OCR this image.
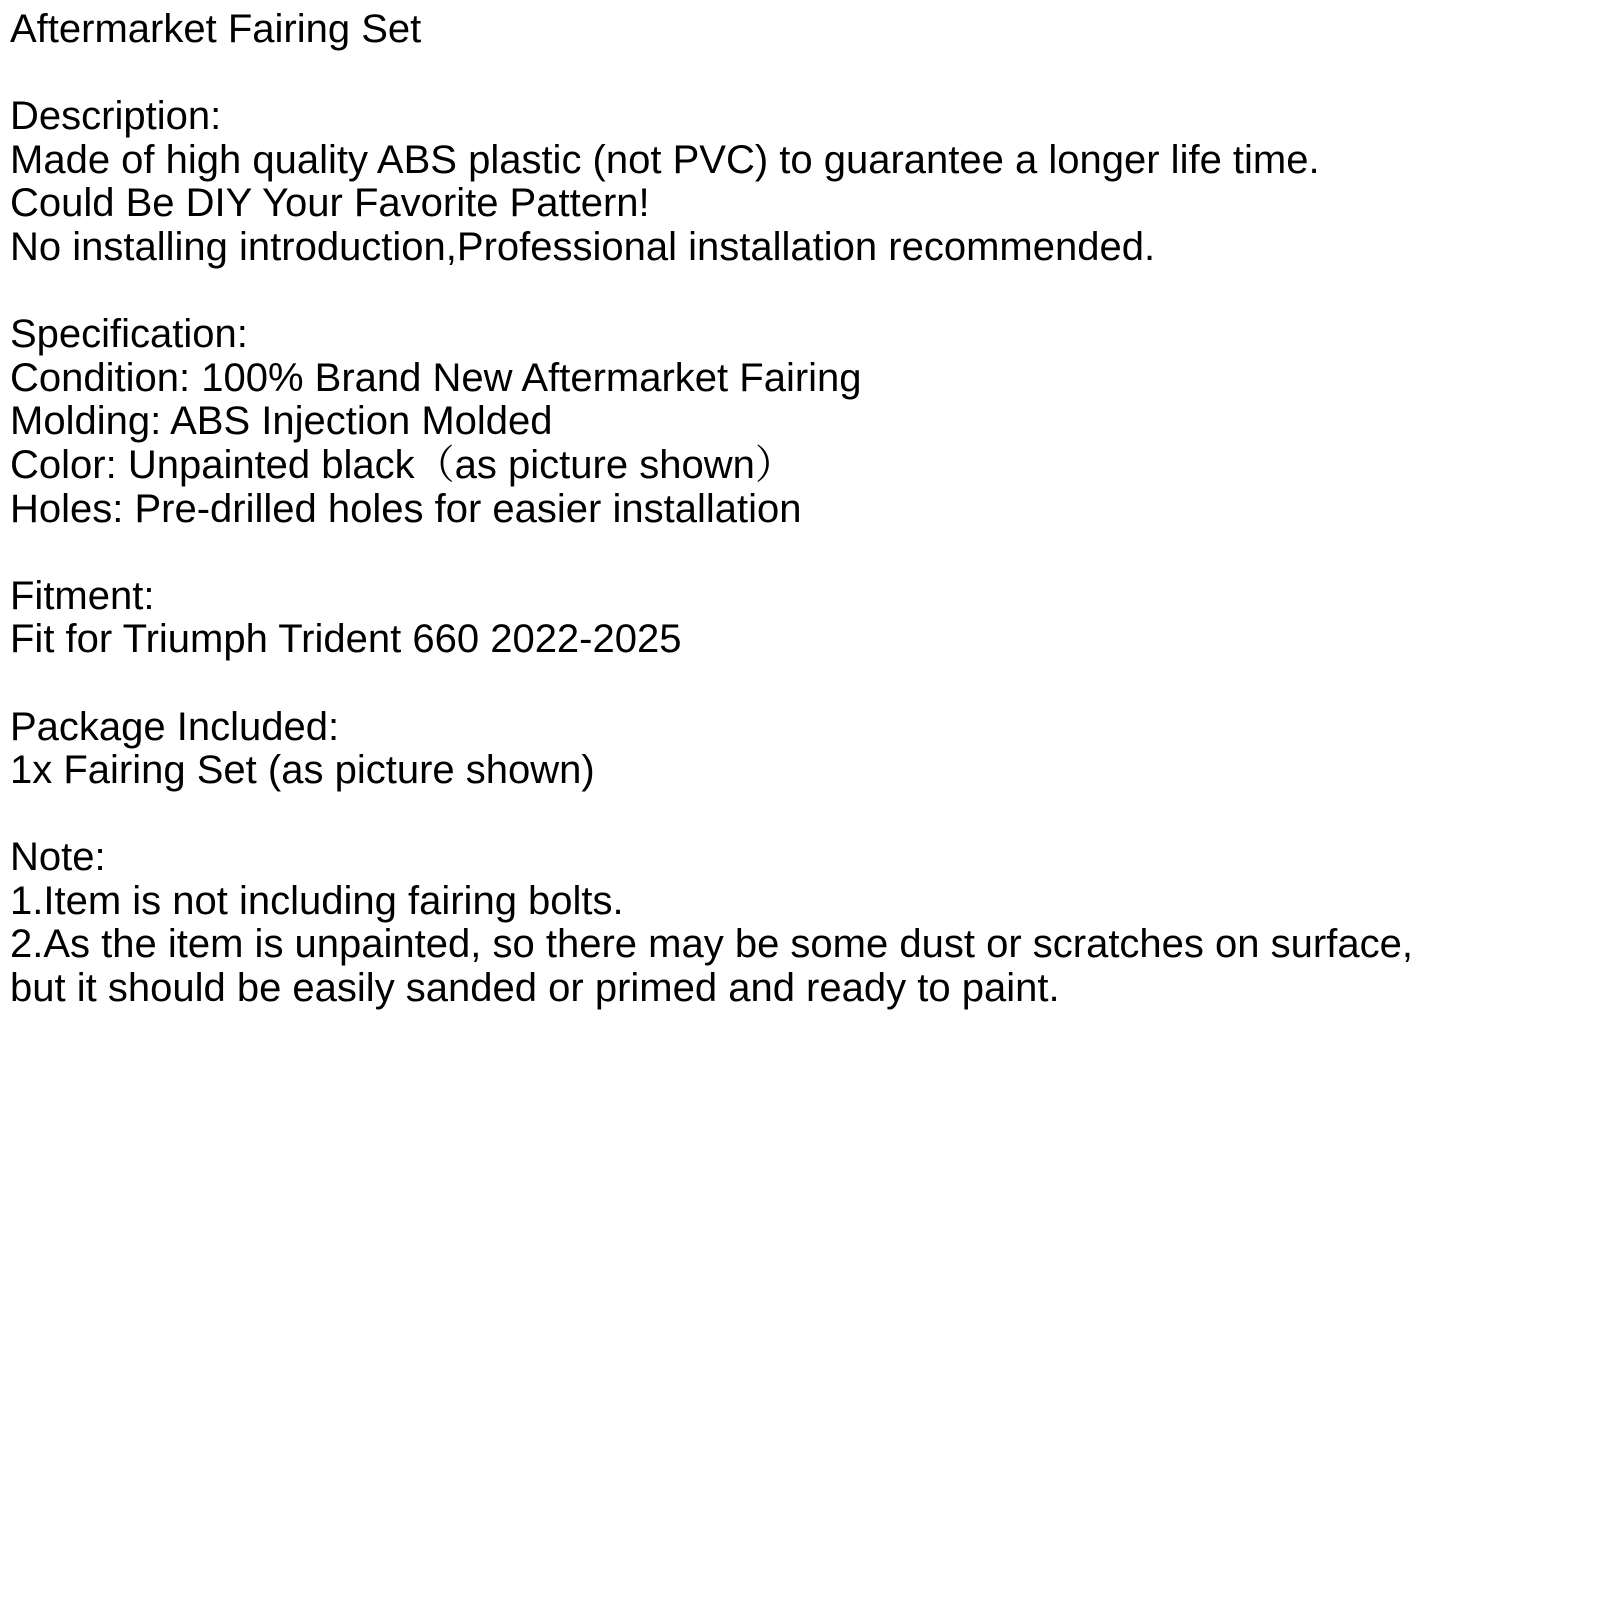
Aftermarket Fairing Set

Description:

Made of high quality ABS plastic (not PVC) to guarantee a longer life time.

Could Be DIY Your Favorite Pattern!

No installing introduction,Professional installation recommended.

Specification:

Condition: 100% Brand New Aftermarket Fairing

Molding: ABS Injection Molded

Color: Unpainted black（as picture shown）

Holes: Pre-drilled holes for easier installation

Fitment:

Fit for Triumph Trident 660 2022-2025

Package Included:

1x Fairing Set (as picture shown)

Note:

1.Item is not including fairing bolts.

2.As the item is unpainted, so there may be some dust or scratches on surface,

but it should be easily sanded or primed and ready to paint.
